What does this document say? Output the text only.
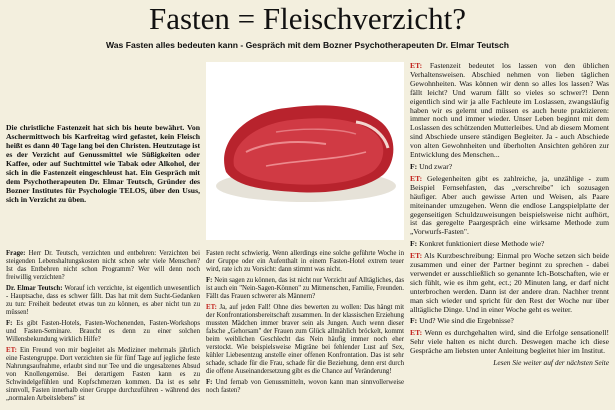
Fasten = Fleischverzicht?
Was Fasten alles bedeuten kann - Gespräch mit dem Bozner Psychotherapeuten Dr. Elmar Teutsch

Die christliche Fastenzeit hat sich bis heute bewährt. Von Aschermittwoch bis Karfreitag wird gefastet, kein Fleisch heißt es dann 40 Tage lang bei den Christen. Heutzutage ist es der Verzicht auf Genussmittel wie Süßigkeiten oder Kaffee, oder auf Suchtmittel wie Tabak oder Alkohol, der sich in die Fastenzeit eingeschleust hat. Ein Gespräch mit dem Psychotherapeuten Dr. Elmar Teutsch, Gründer des Bozner Institutes für Psychologie TELOS, über den Usus, sich in Verzicht zu üben.

Frage: Herr Dr. Teutsch, verzichten und entbehren: Verzichten bei steigenden Lebenshaltungskosten nicht schon sehr viele Menschen? Ist das Entbehren nicht schon Programm? Wer will denn noch freiwillig verzichten?

Dr. Elmar Teutsch: Worauf ich verzichte, ist eigentlich unwesentlich - Hauptsache, dass es schwer fällt. Das hat mit dem Sucht-Gedanken zu tun: Freiheit bedeutet etwas tun zu können, es aber nicht tun zu müssen!

F: Es gibt Fasten-Hotels, Fasten-Wochenenden, Fasten-Workshops und Fasten-Seminare. Braucht es denn zu einer solchen Willensbekundung wirklich Hilfe?

ET: Ein Freund von mir begleitet als Mediziner mehrmals jährlich eine Fastengruppe. Dort verzichten sie für fünf Tage auf jegliche feste Nahrungsaufnahme, erlaubt sind nur Tee und die ungesalzenes Absud von Knollengemüse. Bei derartigem Fasten kann es zu Schwindelgefühlen und Kopfschmerzen kommen. Da ist es sehr sinnvoll, Fasten innerhalb einer Gruppe durchzuführen - während des „normalen Arbeitslebens" ist

Fasten recht schwierig. Wenn allerdings eine solche geführte Woche in der Gruppe oder ein Aufenthalt in einem Fasten-Hotel extrem teuer wird, rate ich zu Vorsicht: dann stimmt was nicht.

F: Nein sagen zu können, das ist nicht nur Verzicht auf Alltägliches, das ist auch ein "Nein-Sagen-Können" zu Mitmenschen, Familie, Freunden. Fällt das Frauen schwerer als Männern?

ET: Ja, auf jeden Fall! Ohne dies bewerten zu wollen: Das hängt mit der Konfrontationsbereitschaft zusammen. In der klassischen Erziehung mussten Mädchen immer braver sein als Jungen. Auch wenn dieser falsche „Gehorsam" der Frauen zum Glück allmählich bröckelt, kommt beim weiblichen Geschlecht das Nein häufig immer noch eher verstockt. Wie beispielsweise Migräne bei fehlender Lust auf Sex, kühler Liebesentzug anstelle einer offenen Konfrontation. Das ist sehr schade, schade für die Frau, schade für die Beziehung, denn erst durch die offene Auseinandersetzung gibt es die Chance auf Veränderung!

F: Und fernab von Genussmitteln, wovon kann man sinnvollerweise noch fasten?

ET: Fastenzeit bedeutet los lassen von den üblichen Verhaltensweisen. Abschied nehmen von lieben täglichen Gewohnheiten. Was können wir denn so alles los lassen? Was fällt leicht? Und warum fällt so vieles so schwer?! Denn eigentlich sind wir ja alle Fachleute im Loslassen, zwangsläufig haben wir es gelernt und müssen es auch heute praktizieren: immer noch und immer wieder. Unser Leben beginnt mit dem Loslassen des schützenden Mutterleibes. Und ab diesem Moment sind Abschiede unsere ständigen Begleiter. Ja - auch Abschiede von alten Gewohnheiten und überholten Ansichten gehören zur Entwicklung des Menschen...

F: Und zwar?

ET: Gelegenheiten gibt es zahlreiche, ja, unzählige - zum Beispiel Fernsehfasten, das „verschreibe" ich sozusagen häufiger. Aber auch gewisse Arten und Weisen, als Paare miteinander umzugehen. Wenn die endlose Langspielplatte der gegenseitigen Schuldzuweisungen beispielsweise nicht aufhört, ist das geregelte Paargespräch eine wirksame Methode zum „Vorwurfs-Fasten".

F: Konkret funktioniert diese Methode wie?

ET: Als Kurzbeschreibung: Einmal pro Woche setzen sich beide zusammen und einer der Partner beginnt zu sprechen - dabei verwendet er ausschließlich so genannte Ich-Botschaften, wie er sich fühlt, wie es ihm geht, ect.; 20 Minuten lang, er darf nicht unterbrochen werden. Dann ist der andere dran. Nachher trennt man sich wieder und spricht für den Rest der Woche nur über alltägliche Dinge. Und in einer Woche geht es weiter.

F: Und? Wie sind die Ergebnisse?

ET: Wenn es durchgehalten wird, sind die Erfolge sensationell! Sehr viele halten es nicht durch. Deswegen mache ich diese Gespräche am liebsten unter Anleitung begleitet hier im Institut.

Lesen Sie weiter auf der nächsten Seite
